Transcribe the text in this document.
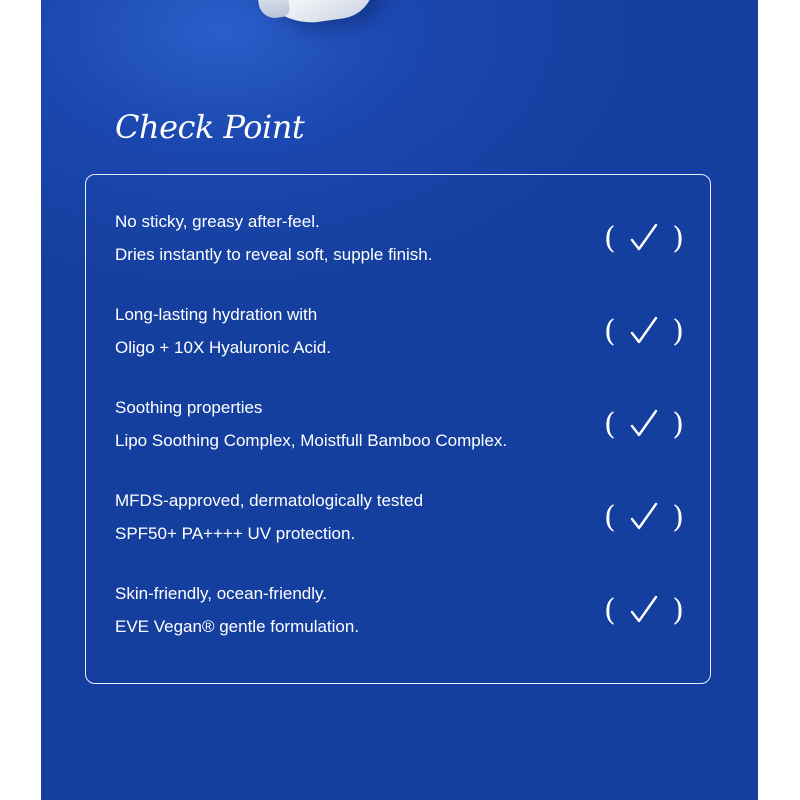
Check Point
No sticky, greasy after-feel.
Dries instantly to reveal soft, supple finish.	( )
Long-lasting hydration with
Oligo + 10X Hyaluronic Acid.	( )
Soothing properties
Lipo Soothing Complex, Moistfull Bamboo Complex.	( )
MFDS-approved, dermatologically tested
SPF50+ PA++++ UV protection.	( )
Skin-friendly, ocean-friendly.
EVE Vegan® gentle formulation.	( )
